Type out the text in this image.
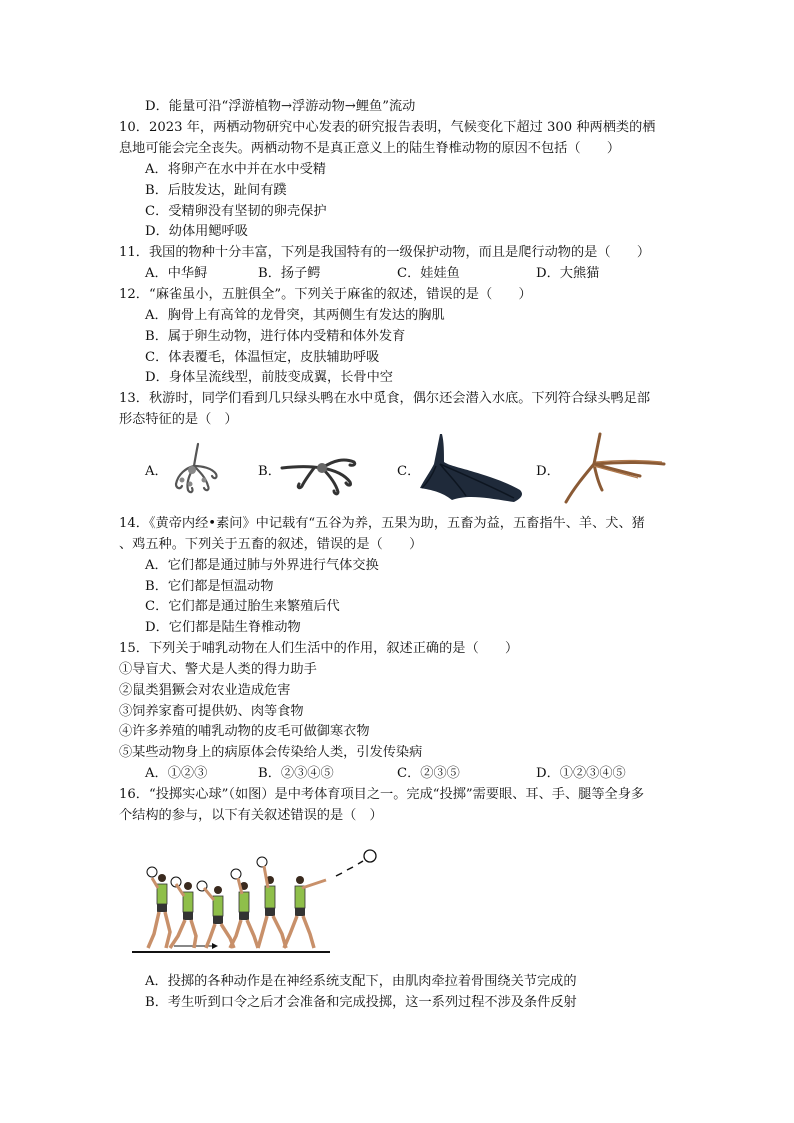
D．能量可沿“浮游植物→浮游动物→鲤鱼”流动
10．2023 年，两栖动物研究中心发表的研究报告表明，气候变化下超过 300 种两栖类的栖
息地可能会完全丧失。两栖动物不是真正意义上的陆生脊椎动物的原因不包括（　　）
A．将卵产在水中并在水中受精
B．后肢发达，趾间有蹼
C．受精卵没有坚韧的卵壳保护
D．幼体用鳃呼吸
11．我国的物种十分丰富，下列是我国特有的一级保护动物，而且是爬行动物的是（　　）
A．中华鲟	B．扬子鳄	C．娃娃鱼	D．大熊猫
12．“麻雀虽小，五脏俱全”。下列关于麻雀的叙述，错误的是（　　）
A．胸骨上有高耸的龙骨突，其两侧生有发达的胸肌
B．属于卵生动物，进行体内受精和体外发育
C．体表覆毛，体温恒定，皮肤辅助呼吸
D．身体呈流线型，前肢变成翼，长骨中空
13．秋游时，同学们看到几只绿头鸭在水中觅食，偶尔还会潜入水底。下列符合绿头鸭足部
形态特征的是（　）
A．	B．	C．	D．
14．《黄帝内经•素问》中记载有“五谷为养，五果为助，五畜为益，五畜指牛、羊、犬、猪
、鸡五种。下列关于五畜的叙述，错误的是（　　）
A．它们都是通过肺与外界进行气体交换
B．它们都是恒温动物
C．它们都是通过胎生来繁殖后代
D．它们都是陆生脊椎动物
15．下列关于哺乳动物在人们生活中的作用，叙述正确的是（　　）
①导盲犬、警犬是人类的得力助手
②鼠类猖獗会对农业造成危害
③饲养家畜可提供奶、肉等食物
④许多养殖的哺乳动物的皮毛可做御寒衣物
⑤某些动物身上的病原体会传染给人类，引发传染病
A．①②③	B．②③④⑤	C．②③⑤	D．①②③④⑤
16．“投掷实心球”（如图）是中考体育项目之一。完成“投掷”需要眼、耳、手、腿等全身多
个结构的参与，以下有关叙述错误的是（　）
A．投掷的各种动作是在神经系统支配下，由肌肉牵拉着骨围绕关节完成的
B．考生听到口令之后才会准备和完成投掷，这一系列过程不涉及条件反射
